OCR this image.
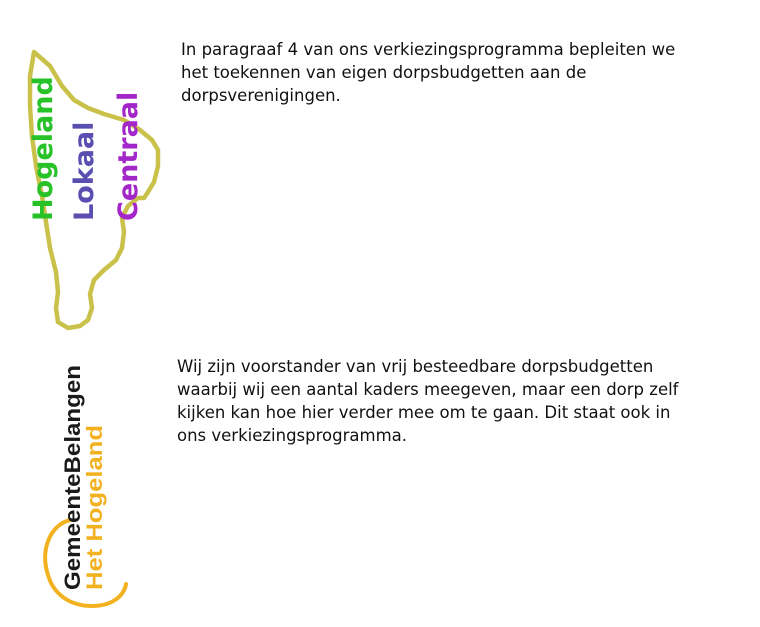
Hogeland Lokaal Centraal

In paragraaf 4 van ons verkiezingsprogramma bepleiten we
het toekennen van eigen dorpsbudgetten aan de
dorpsverenigingen.

GemeenteBelangen
Het Hogeland

Wij zijn voorstander van vrij besteedbare dorpsbudgetten
waarbij wij een aantal kaders meegeven, maar een dorp zelf
kijken kan hoe hier verder mee om te gaan. Dit staat ook in
ons verkiezingsprogramma.
